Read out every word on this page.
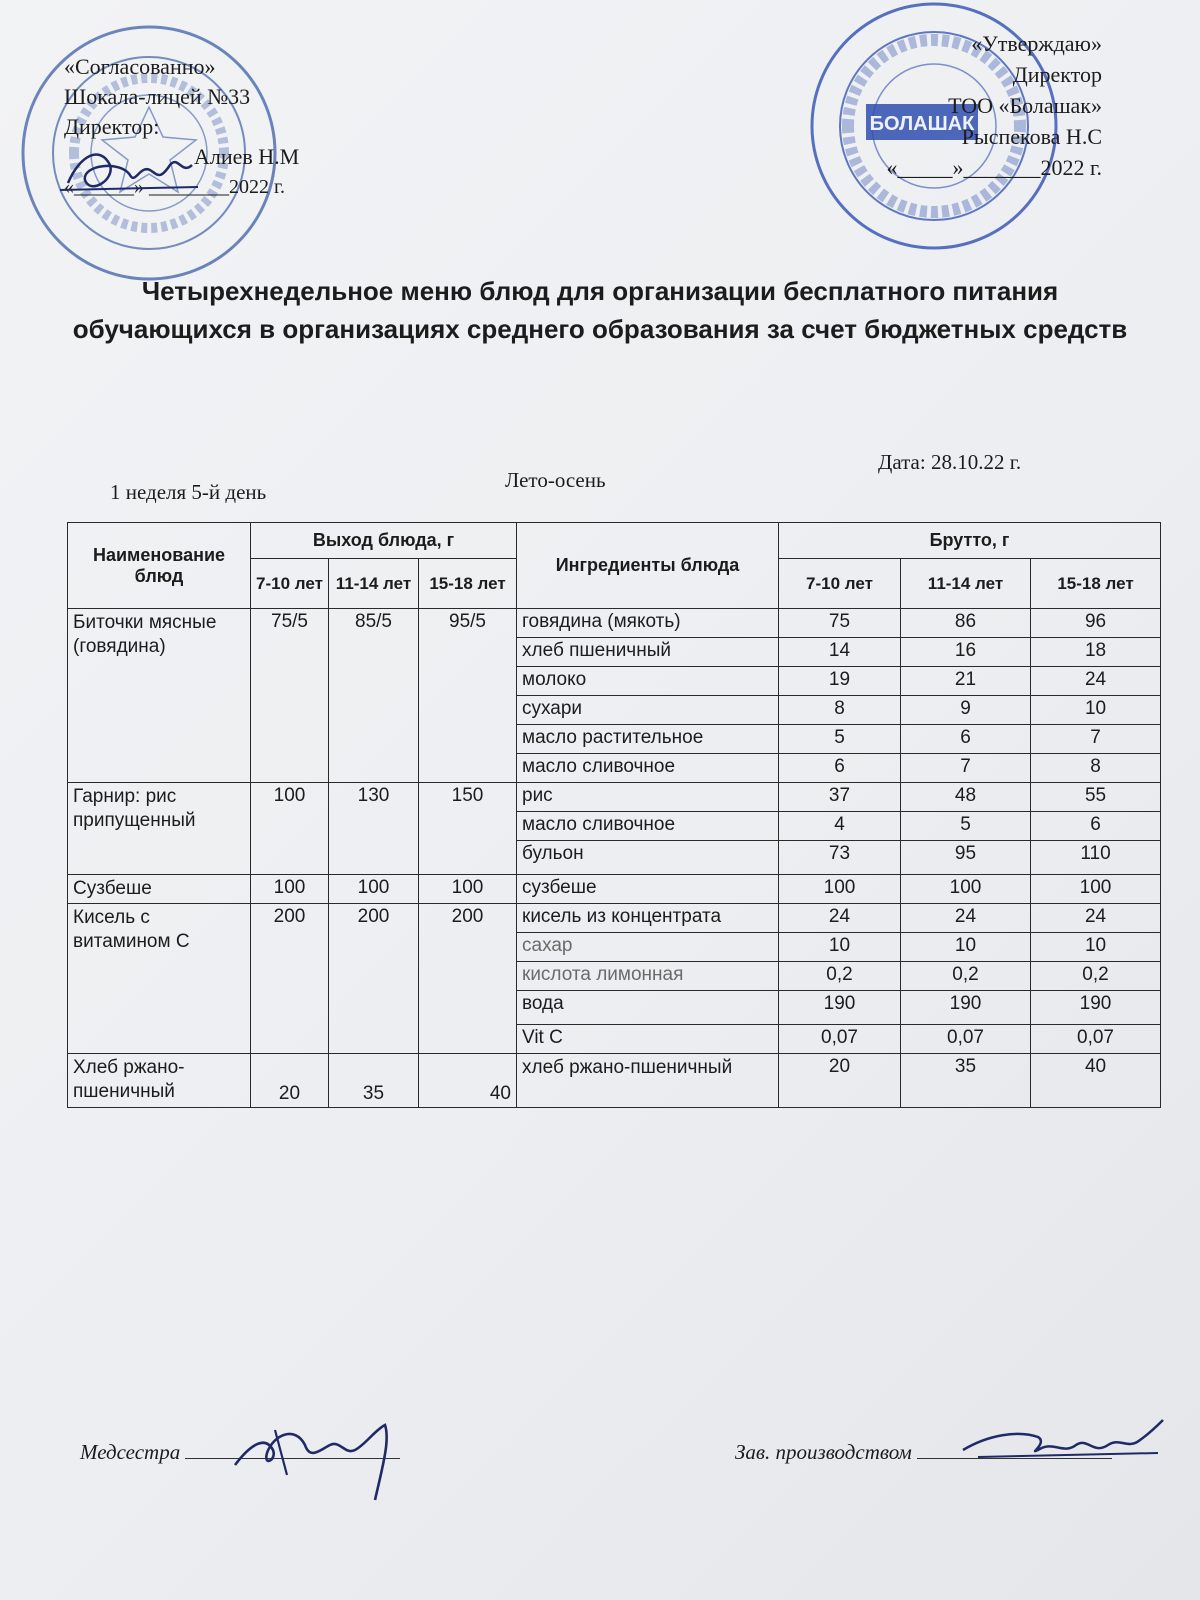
БОЛАШАК
«Согласованно»
Шокала-лицей №33
Директор:
Алиев Н.М
«______» ________2022 г.
«Утверждаю»
Директор
ТОО «Болашак»
Рыспекова Н.С
«_____»_______2022 г.
Четырехнедельное меню блюд для организации бесплатного питания обучающихся в организациях среднего образования за счет бюджетных средств
1 неделя 5-й день	Лето-осень
Дата: 28.10.22 г.
Наименование блюд	Выход блюда, г			Ингредиенты блюда	Брутто, г		
	7-10 лет	11-14 лет	15-18 лет		7-10 лет	11-14 лет	15-18 лет
Биточки мясные (говядина)	75/5	85/5	95/5	говядина (мякоть)	75	86	96
				хлеб пшеничный	14	16	18
				молоко	19	21	24
				сухари	8	9	10
				масло растительное	5	6	7
				масло сливочное	6	7	8
Гарнир: рис припущенный	100	130	150	рис	37	48	55
				масло сливочное	4	5	6
				бульон	73	95	110
Сузбеше	100	100	100	сузбеше	100	100	100
Кисель с витамином С	200	200	200	кисель из концентрата	24	24	24
				сахар	10	10	10
				кислота лимонная	0,2	0,2	0,2
				вода	190	190	190
				Vit C	0,07	0,07	0,07
Хлеб ржано-пшеничный	20	35	40	хлеб ржано-пшеничный	20	35	40
Медсестра	Зав. производством
